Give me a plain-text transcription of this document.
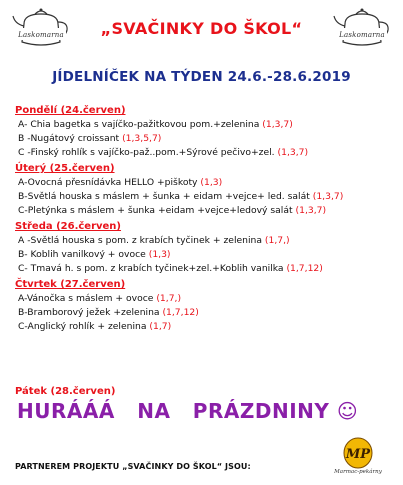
Laskomarna	Laskomarna
„SVAČINKY DO ŠKOL“
JÍDELNÍČEK NA TÝDEN 24.6.-28.6.2019
Pondělí (24.červen)
A- Chia bagetka s vajíčko-pažitkovou pom.+zelenina (1,3,7)
B -Nugátový croissant (1,3,5,7)
C -Finský rohlík s vajíčko-paž..pom.+Sýrové pečivo+zel. (1,3,7)
Úterý (25.červen)
A-Ovocná přesnídávka HELLO +piškoty (1,3)
B-Světlá houska s máslem + šunka + eidam +vejce+ led. salát (1,3,7)
C-Pletýnka s máslem + šunka +eidam +vejce+ledový salát (1,3,7)
Středa (26.červen)
A -Světlá houska s pom. z krabích tyčinek + zelenina (1,7,)
B- Koblih vanilkový + ovoce (1,3)
C- Tmavá h. s pom. z krabích tyčinek+zel.+Koblih vanilka (1,7,12)
Čtvrtek (27.červen)
A-Vánočka s máslem + ovoce (1,7,)
B-Bramborový ježek +zelenina (1,7,12)
C-Anglický rohlík + zelenina (1,7)
Pátek (28.červen)
HURÁÁÁ   NA   PRÁZDNINY ☺
PARTNEREM PROJEKTU „SVAČINKY DO ŠKOL“ JSOU:
MP
Marmac-pekárny
